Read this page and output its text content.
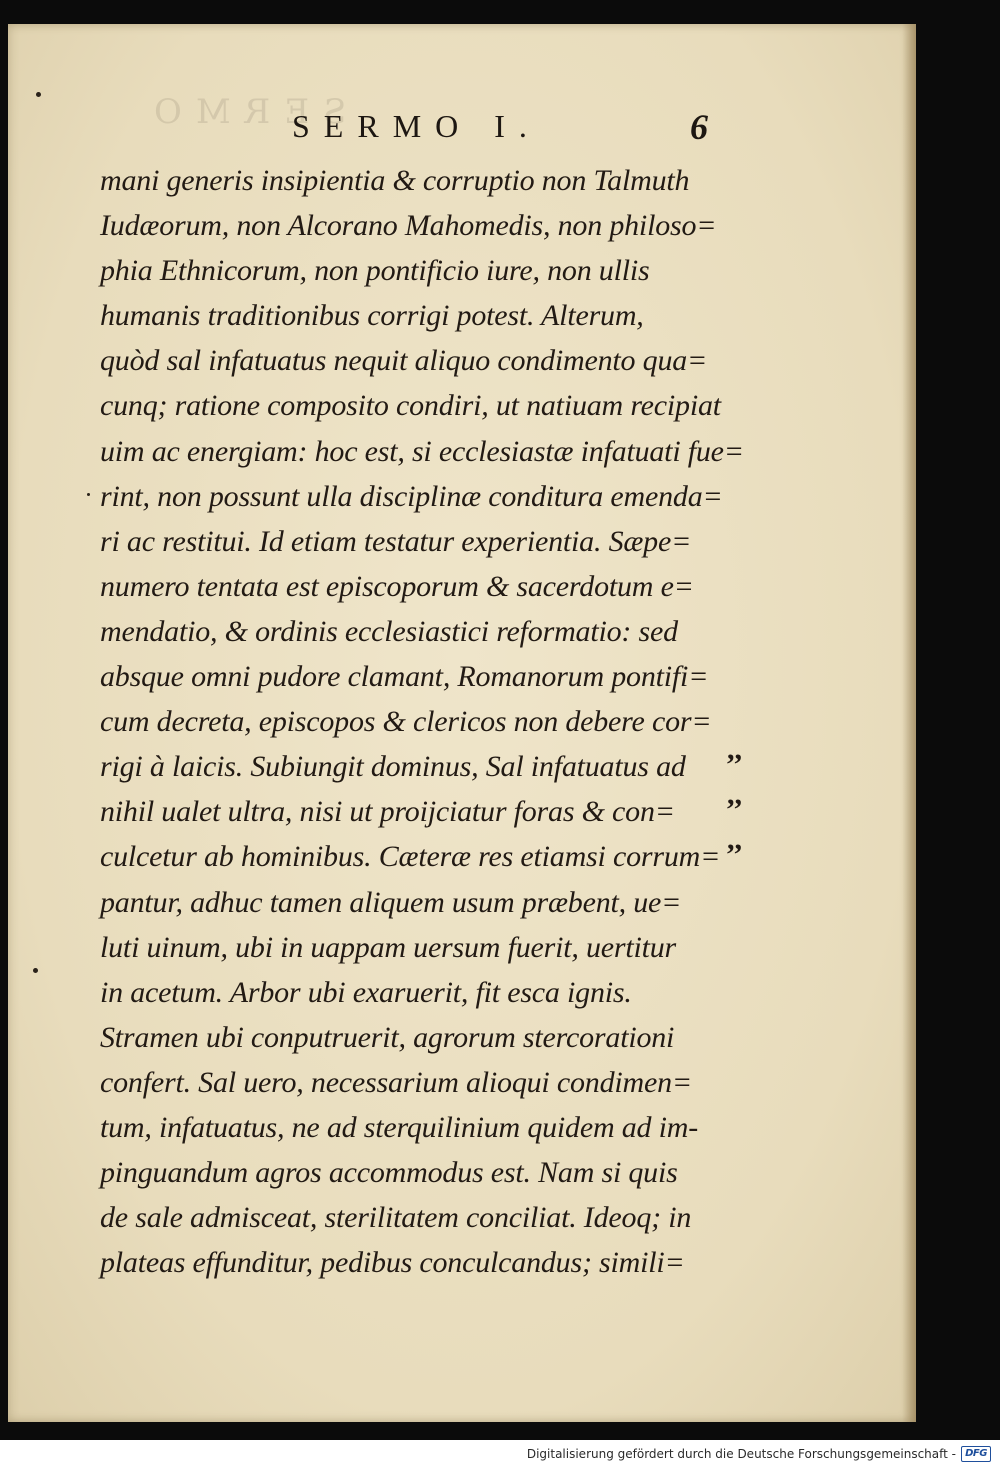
SERMO
SERMO I.	6
mani generis insipientia & corruptio non Talmuth
Iudæorum, non Alcorano Mahomedis, non philoso=
phia Ethnicorum, non pontificio iure, non ullis
humanis traditionibus corrigi potest. Alterum,
quòd sal infatuatus nequit aliquo condimento qua=
cunq; ratione composito condiri, ut natiuam recipiat
uim ac energiam: hoc est, si ecclesiastæ infatuati fue=
rint, non possunt ulla disciplinæ conditura emenda=
ri ac restitui. Id etiam testatur experientia. Sæpe=
numero tentata est episcoporum & sacerdotum e=
mendatio, & ordinis ecclesiastici reformatio: sed
absque omni pudore clamant, Romanorum pontifi=
cum decreta, episcopos & clericos non debere cor=
rigi à laicis. Subiungit dominus, Sal infatuatus ad
nihil ualet ultra, nisi ut proijciatur foras & con=
culcetur ab hominibus. Cæteræ res etiamsi corrum=
pantur, adhuc tamen aliquem usum præbent, ue=
luti uinum, ubi in uappam uersum fuerit, uertitur
in acetum. Arbor ubi exaruerit, fit esca ignis.
Stramen ubi conputruerit, agrorum stercorationi
confert. Sal uero, necessarium alioqui condimen=
tum, infatuatus, ne ad sterquilinium quidem ad im-
pinguandum agros accommodus est. Nam si quis
de sale admisceat, sterilitatem conciliat. Ideoq; in
plateas effunditur, pedibus conculcandus; simili=
,,
,,
,,
Digitalisierung gefördert durch die Deutsche Forschungsgemeinschaft - DFG
